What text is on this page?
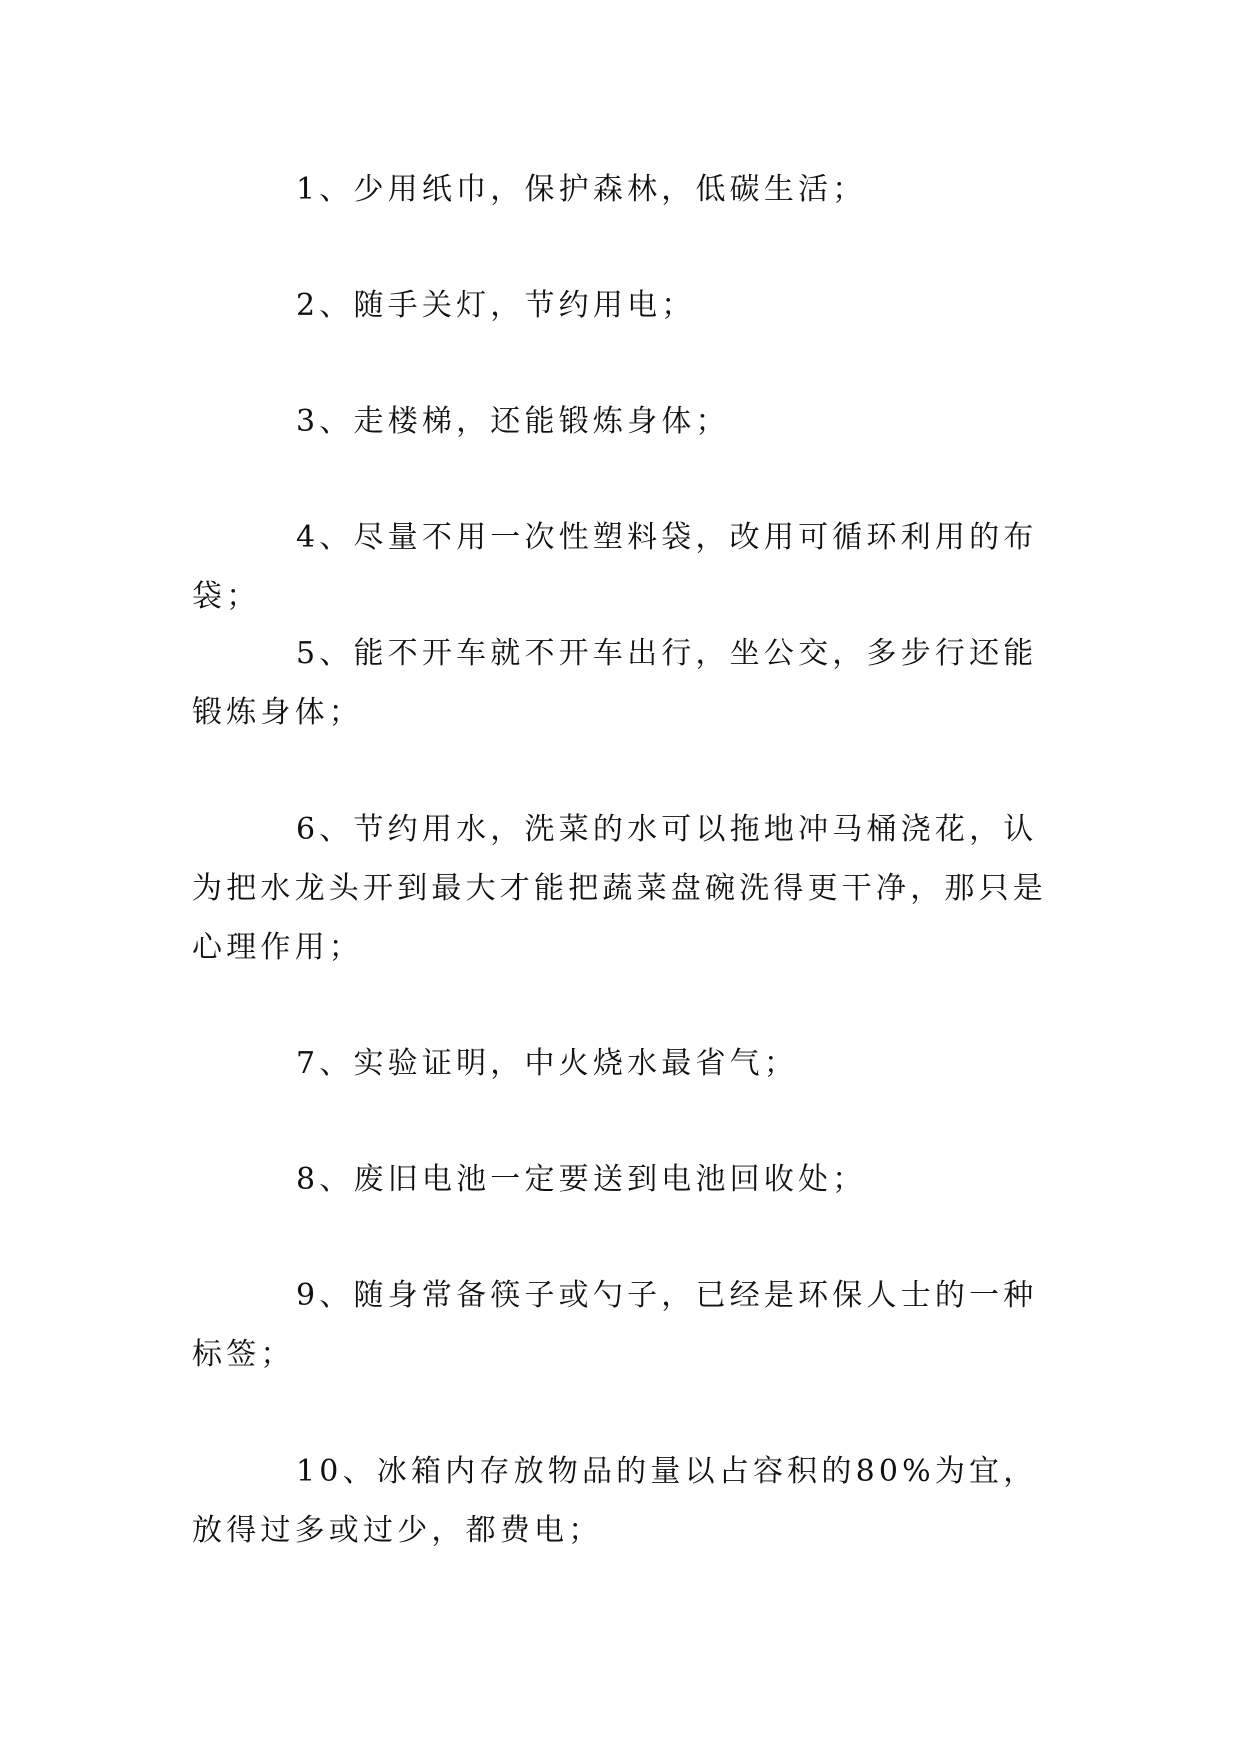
1、少用纸巾，保护森林，低碳生活；

2、随手关灯，节约用电；

3、走楼梯，还能锻炼身体；

4、尽量不用一次性塑料袋，改用可循环利用的布袋；

5、能不开车就不开车出行，坐公交，多步行还能锻炼身体；

6、节约用水，洗菜的水可以拖地冲马桶浇花，认为把水龙头开到最大才能把蔬菜盘碗洗得更干净，那只是心理作用；

7、实验证明，中火烧水最省气；

8、废旧电池一定要送到电池回收处；

9、随身常备筷子或勺子，已经是环保人士的一种标签；

10、冰箱内存放物品的量以占容积的80%为宜，放得过多或过少，都费电；
